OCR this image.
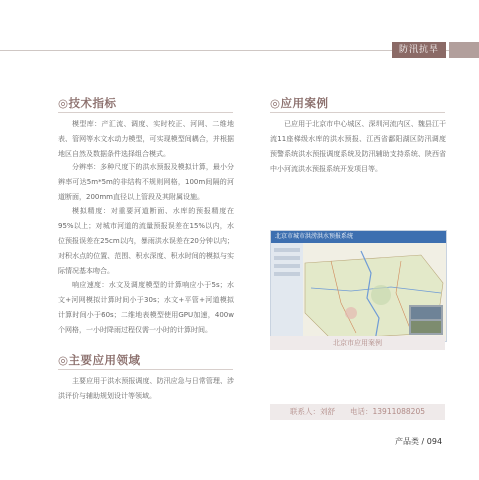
防汛抗旱
◎技术指标

模型库：产汇流、调度、实时校正、河网、二维地表、管网等水文水动力模型，可实现模型间耦合，并根据地区自然及数据条件选择组合模式。

分辨率：多种尺度下的洪水预报及模拟计算，最小分辨率可达5m*5m的非结构不规则网格，100m间隔的河道断面，200mm直径以上管段及其附属设施。

模拟精度：对重要河道断面、水库的预报精度在95%以上；对城市河道的流量预报误差在15%以内，水位预报误差在25cm以内，暴雨洪水误差在20分钟以内；对积水点的位置、范围、积水深度、积水时间的模拟与实际情况基本吻合。

响应速度：水文及调度模型的计算响应小于5s；水文+河网模拟计算时间小于30s；水文+平管+河道模拟计算时间小于60s；二维地表模型使用GPU加速，400w个网格，一小时降雨过程仅需一小时的计算时间。

◎主要应用领域

主要应用于洪水预报调度、防汛应急与日常管理、涉洪评价与辅助规划设计等领域。

◎应用案例

已应用于北京市中心城区、深圳河流内区、魏县江干流11座梯级水库的洪水预报、江西省鄱阳湖区防汛调度预警系统洪水预报调度系统及防汛辅助支持系统、陕西省中小河流洪水预报系统开发项目等。

北京市城市洪涝洪水预报系统
北京市应用案例
联系人：刘舒　　电话：13911088205
产品类 / 094
